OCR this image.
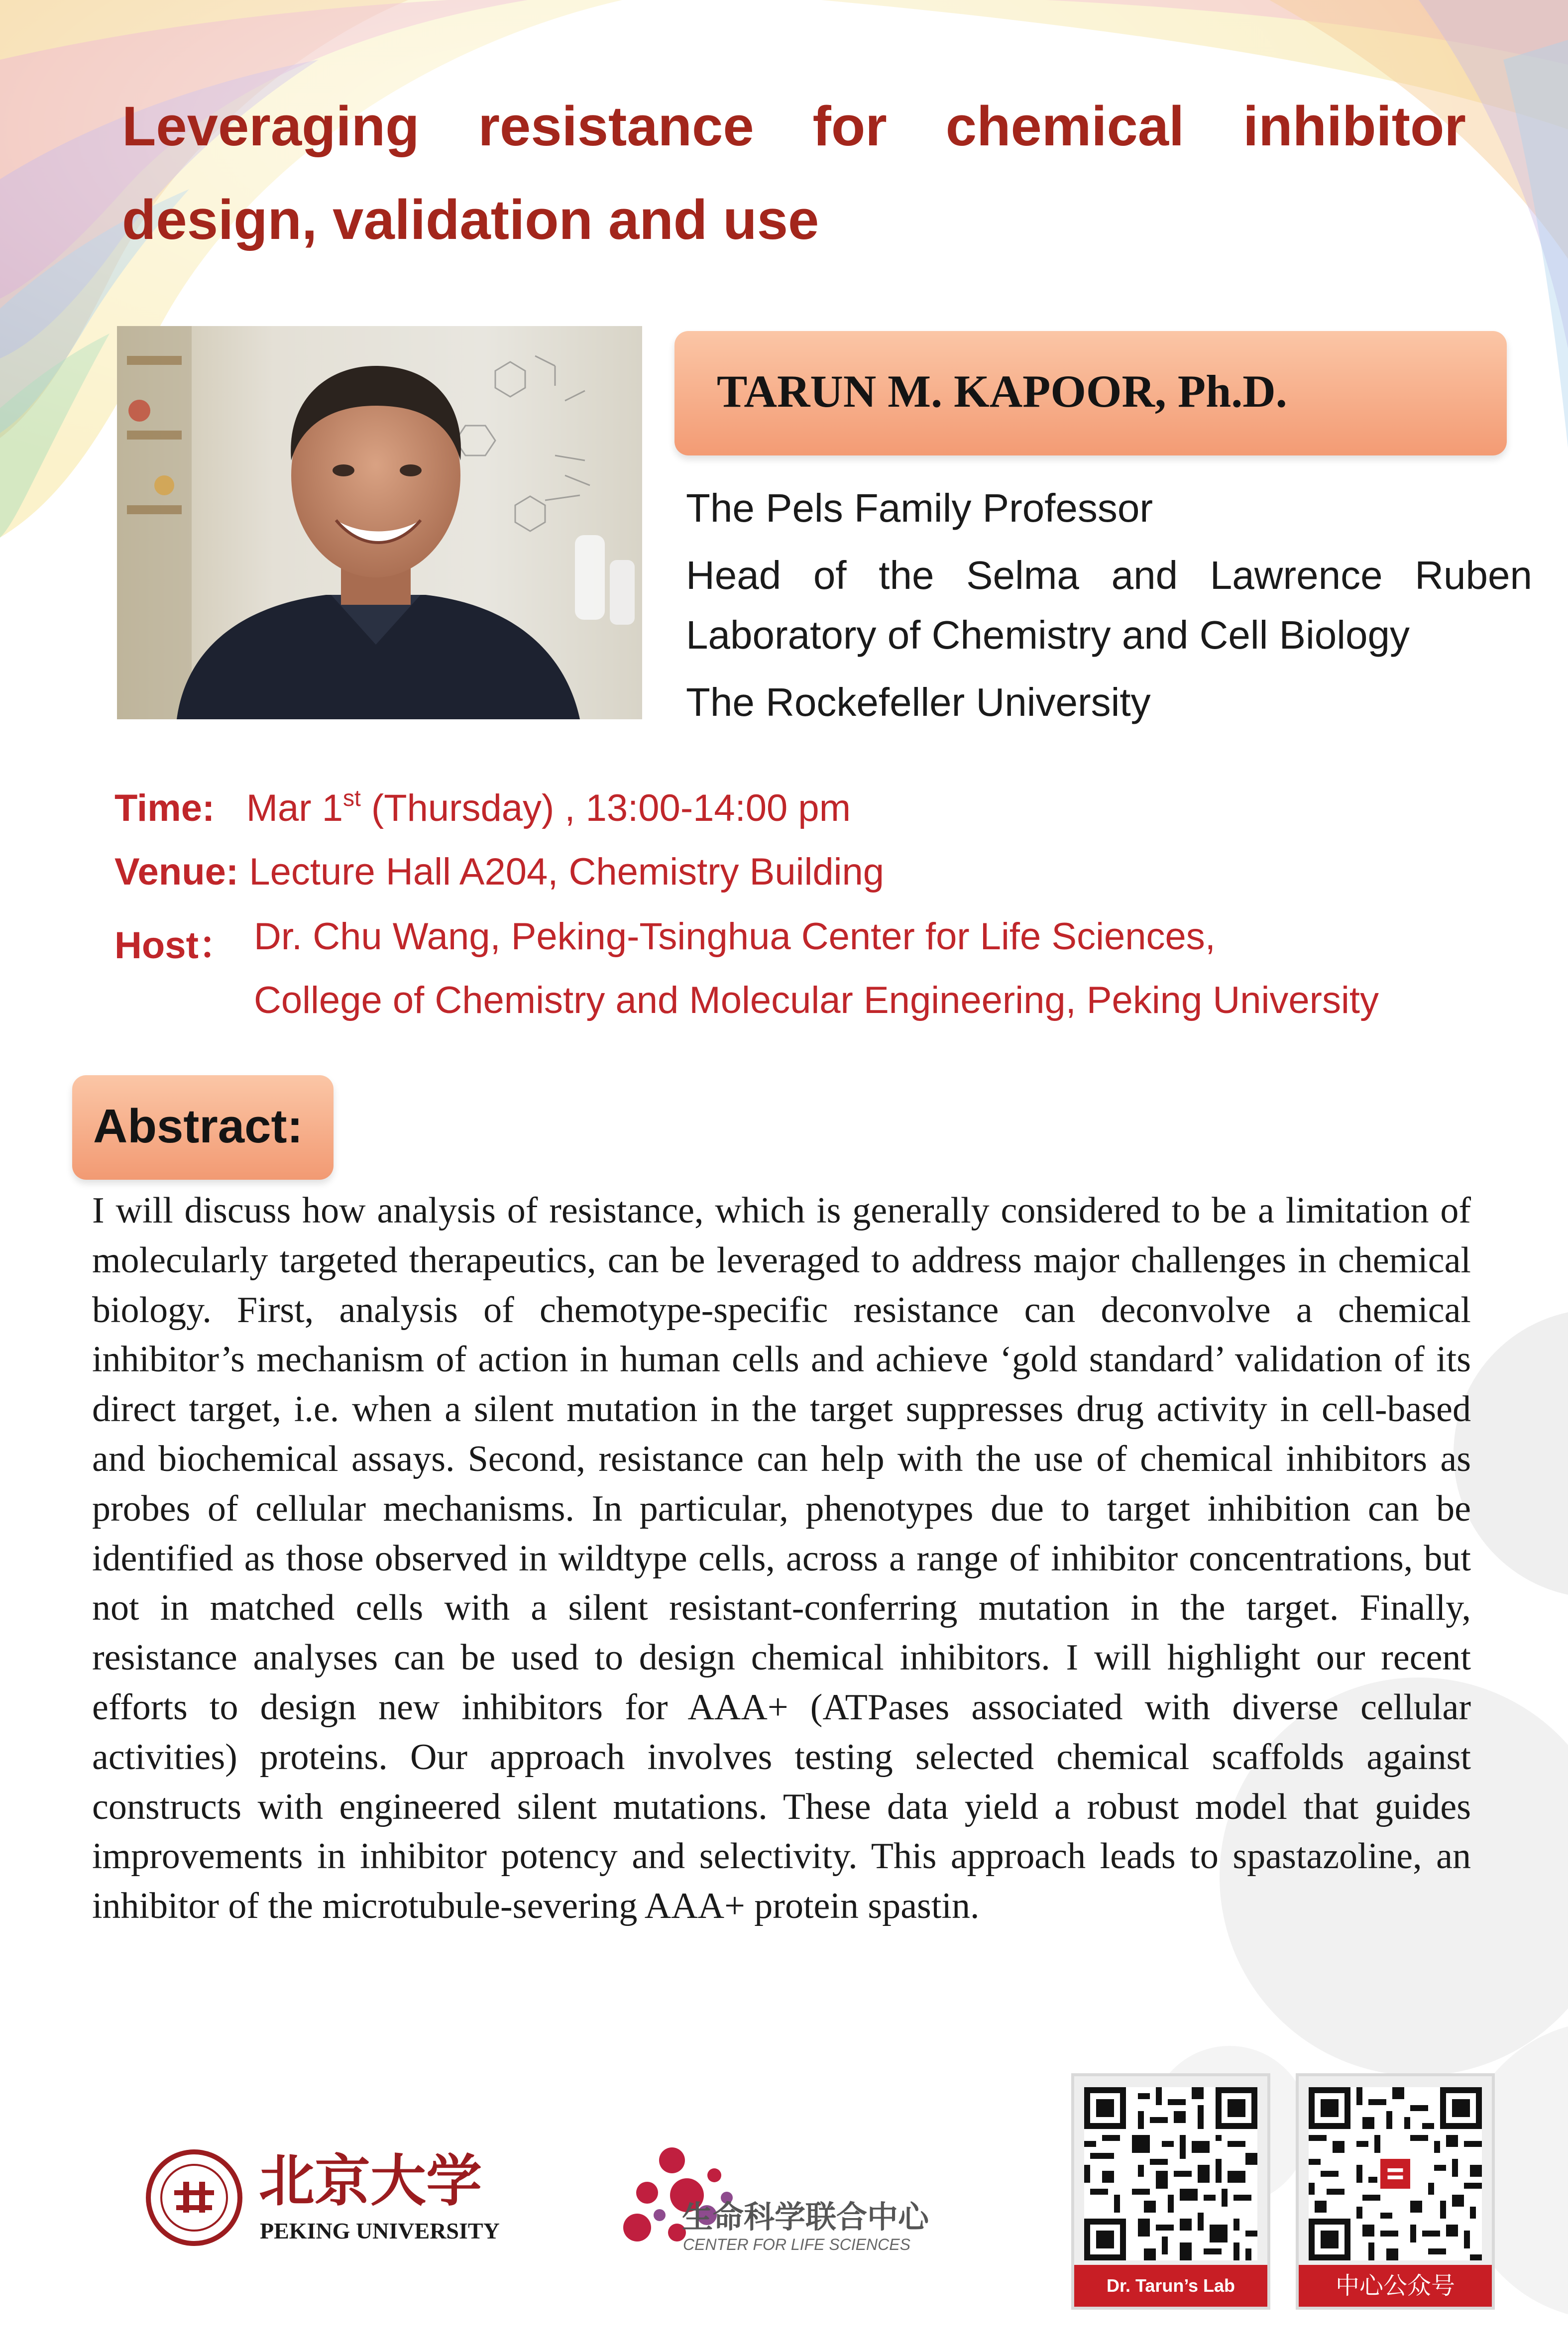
Leveraging resistance for chemical inhibitor
design, validation and use
TARUN M. KAPOOR, Ph.D.
The Pels Family Professor
Head of the Selma and Lawrence Ruben
Laboratory of Chemistry and Cell Biology
The Rockefeller University
Time: Mar 1st (Thursday) , 13:00-14:00 pm
Venue: Lecture Hall A204, Chemistry Building
Host： Dr. Chu Wang, Peking-Tsinghua Center for Life Sciences,
College of Chemistry and Molecular Engineering, Peking University
Abstract:

I will discuss how analysis of resistance, which is generally considered to be a limitation of molecularly targeted therapeutics, can be leveraged to address major challenges in chemical biology. First, analysis of chemotype-specific resistance can deconvolve a chemical inhibitor’s mechanism of action in human cells and achieve ‘gold standard’ validation of its direct target, i.e. when a silent mutation in the target suppresses drug activity in cell-based and biochemical assays. Second, resistance can help with the use of chemical inhibitors as probes of cellular mechanisms. In particular, phenotypes due to target inhibition can be identified as those observed in wildtype cells, across a range of inhibitor concentrations, but not in matched cells with a silent resistant-conferring mutation in the target. Finally, resistance analyses can be used to design chemical inhibitors. I will highlight our recent efforts to design new inhibitors for AAA+ (ATPases associated with diverse cellular activities) proteins. Our approach involves testing selected chemical scaffolds against constructs with engineered silent mutations. These data yield a robust model that guides improvements in inhibitor potency and selectivity. This approach leads to spastazoline, an inhibitor of the microtubule-severing AAA+ protein spastin.

北京大学
PEKING UNIVERSITY	生命科学联合中心
CENTER FOR LIFE SCIENCES
Dr. Tarun’s Lab	中心公众号
